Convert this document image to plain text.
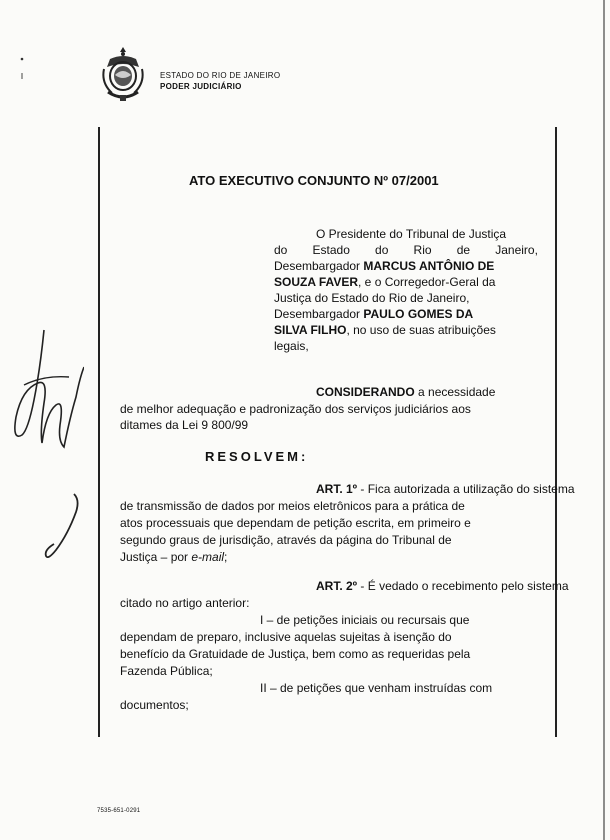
ESTADO DO RIO DE JANEIRO
PODER JUDICIÁRIO
ATO EXECUTIVO CONJUNTO Nº 07/2001
O Presidente do Tribunal de Justiça
do Estado do Rio de Janeiro,
Desembargador MARCUS ANTÔNIO DE
SOUZA FAVER, e o Corregedor-Geral da
Justiça do Estado do Rio de Janeiro,
Desembargador PAULO GOMES DA
SILVA FILHO, no uso de suas atribuições
legais,
CONSIDERANDO a necessidade
de melhor adequação e padronização dos serviços judiciários aos
ditames da Lei 9 800/99
RESOLVEM:
ART. 1º - Fica autorizada a utilização do sistema
de transmissão de dados por meios eletrônicos para a prática de
atos processuais que dependam de petição escrita, em primeiro e
segundo graus de jurisdição, através da página do Tribunal de
Justiça – por e-mail;
ART. 2º - É vedado o recebimento pelo sistema
citado no artigo anterior:
I – de petições iniciais ou recursais que
dependam de preparo, inclusive aquelas sujeitas à isenção do
benefício da Gratuidade de Justiça, bem como as requeridas pela
Fazenda Pública;
II – de petições que venham instruídas com
documentos;
7535-651-0291
